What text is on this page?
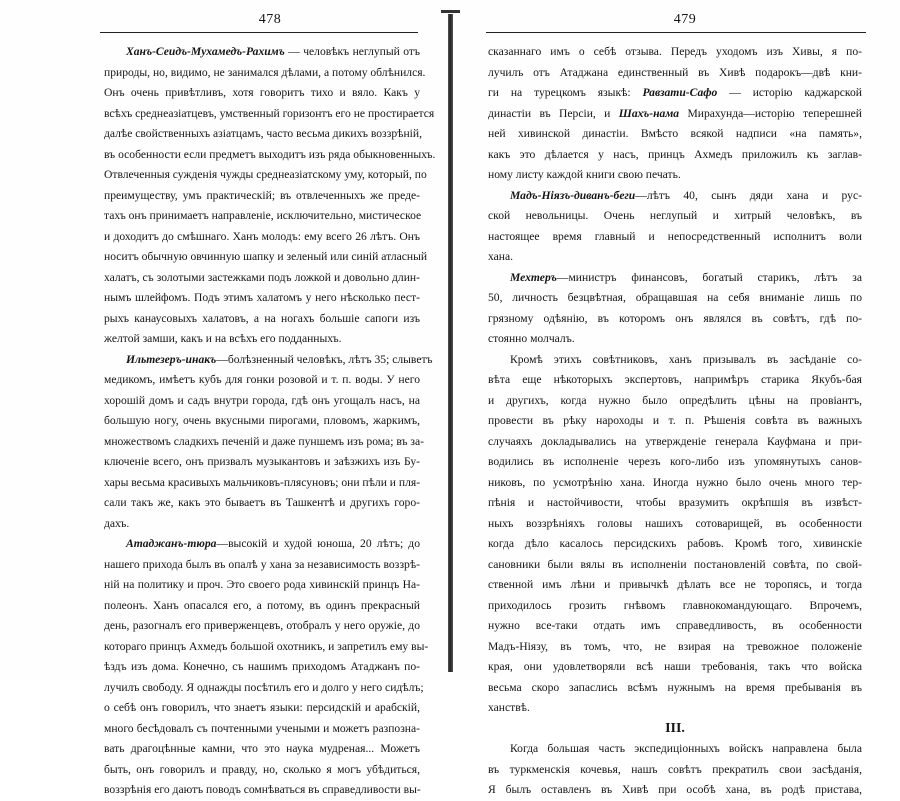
478
Ханъ-Сеидъ-Мухамедъ-Рахимъ — человѣкъ неглупый отъ
природы, но, видимо, не занимался дѣлами, а потому облѣнился.
Онъ очень привѣтливъ, хотя говоритъ тихо и вяло. Какъ у
всѣхъ среднеазіатцевъ, умственный горизонтъ его не простирается
далѣе свойственныхъ азіатцамъ, часто весьма дикихъ воззрѣній,
въ особенности если предметъ выходитъ изъ ряда обыкновенныхъ.
Отвлеченныя сужденія чужды среднеазіатскому уму, который, по
преимуществу, умъ практическій; въ отвлеченныхъ же преде-
тахъ онъ принимаетъ направленіе, исключительно, мистическое
и доходитъ до смѣшнаго. Ханъ молодъ: ему всего 26 лѣтъ. Онъ
носитъ обычную овчинную шапку и зеленый или синій атласный
халатъ, съ золотыми застежками подъ ложкой и довольно длин-
нымъ шлейфомъ. Подъ этимъ халатомъ у него нѣсколько пест-
рыхъ канаусовыхъ халатовъ, а на ногахъ большіе сапоги изъ
желтой замши, какъ и на всѣхъ его подданныхъ.
Ильтезеръ-инакъ—болѣзненный человѣкъ, лѣтъ 35; слыветъ
медикомъ, имѣетъ кубъ для гонки розовой и т. п. воды. У него
хорошій домъ и садъ внутри города, гдѣ онъ угощалъ насъ, на
большую ногу, очень вкусными пирогами, пловомъ, жаркимъ,
множествомъ сладкихъ печеній и даже пуншемъ изъ рома; въ за-
ключеніе всего, онъ призвалъ музыкантовъ и заѣзжихъ изъ Бу-
хары весьма красивыхъ мальчиковъ-плясуновъ; они пѣли и пля-
сали такъ же, какъ это бываетъ въ Ташкентѣ и другихъ горо-
дахъ.
Атаджанъ-тюра—высокій и худой юноша, 20 лѣтъ; до
нашего прихода былъ въ опалѣ у хана за независимость воззрѣ-
ній на политику и проч. Это своего рода хивинскій принцъ На-
полеонъ. Ханъ опасался его, а потому, въ одинъ прекрасный
день, разогналъ его приверженцевъ, отобралъ у него оружіе, до
котораго принцъ Ахмедъ большой охотникъ, и запретилъ ему вы-
ѣздъ изъ дома. Конечно, съ нашимъ приходомъ Атаджанъ по-
лучилъ свободу. Я однажды посѣтилъ его и долго у него сидѣлъ;
о себѣ онъ говорилъ, что знаетъ языки: персидскій и арабскій,
много бесѣдовалъ съ почтенными учеными и можетъ разпозна-
вать драгоцѣнные камни, что это наука мудреная... Можетъ
быть, онъ говорилъ и правду, но, сколько я могъ убѣдиться,
воззрѣнія его даютъ поводъ сомнѣваться въ справедливости вы-
479
сказаннаго имъ о себѣ отзыва. Передъ уходомъ изъ Хивы, я по-
лучилъ отъ Атаджана единственный въ Хивѣ подарокъ—двѣ кни-
ги на турецкомъ языкѣ: Равзати-Сафо — исторію каджарской
династіи въ Персіи, и Шахъ-нама Мирахунда—исторію теперешней
ней хивинской династіи. Вмѣсто всякой надписи «на память»,
какъ это дѣлается у насъ, принцъ Ахмедъ приложилъ къ заглав-
ному листу каждой книги свою печать.
Мадъ-Ніязъ-диванъ-беги—лѣтъ 40, сынъ дяди хана и рус-
ской невольницы. Очень неглупый и хитрый человѣкъ, въ
настоящее время главный и непосредственный исполнитъ воли
хана.
Мехтеръ—министръ финансовъ, богатый старикъ, лѣтъ за
50, личность безцвѣтная, обращавшая на себя вниманіе лишь по
грязному одѣянію, въ которомъ онъ являлся въ совѣтъ, гдѣ по-
стоянно молчалъ.
Кромѣ этихъ совѣтниковъ, ханъ призывалъ въ засѣданіе со-
вѣта еще нѣкоторыхъ экспертовъ, напримѣръ старика Якубъ-бая
и другихъ, когда нужно было опредѣлить цѣны на провіантъ,
провести въ рѣку нароходы и т. п. Рѣшенія совѣта въ важныхъ
случаяхъ докладывались на утвержденіе генерала Кауфмана и при-
водились въ исполненіе черезъ кого-либо изъ упомянутыхъ санов-
никовъ, по усмотрѣнію хана. Иногда нужно было очень много тер-
пѣнія и настойчивости, чтобы вразумить окрѣпшія въ извѣст-
ныхъ воззрѣніяхъ головы нашихъ сотоварищей, въ особенности
когда дѣло касалось персидскихъ рабовъ. Кромѣ того, хивинскіе
сановники были вялы въ исполненіи постановленій совѣта, по свой-
ственной имъ лѣни и привычкѣ дѣлать все не торопясь, и тогда
приходилось грозить гнѣвомъ главнокомандующаго. Впрочемъ,
нужно все-таки отдать имъ справедливость, въ особенности
Мадъ-Ніязу, въ томъ, что, не взирая на тревожное положеніе
края, они удовлетворяли всѣ наши требованія, такъ что войска
весьма скоро запаслись всѣмъ нужнымъ на время пребыванія въ
ханствѣ.
III.
Когда большая часть экспедиціонныхъ войскъ направлена была
въ туркменскія кочевья, нашъ совѣтъ прекратилъ свои засѣданія,
Я былъ оставленъ въ Хивѣ при особѣ хана, въ родѣ пристава,
